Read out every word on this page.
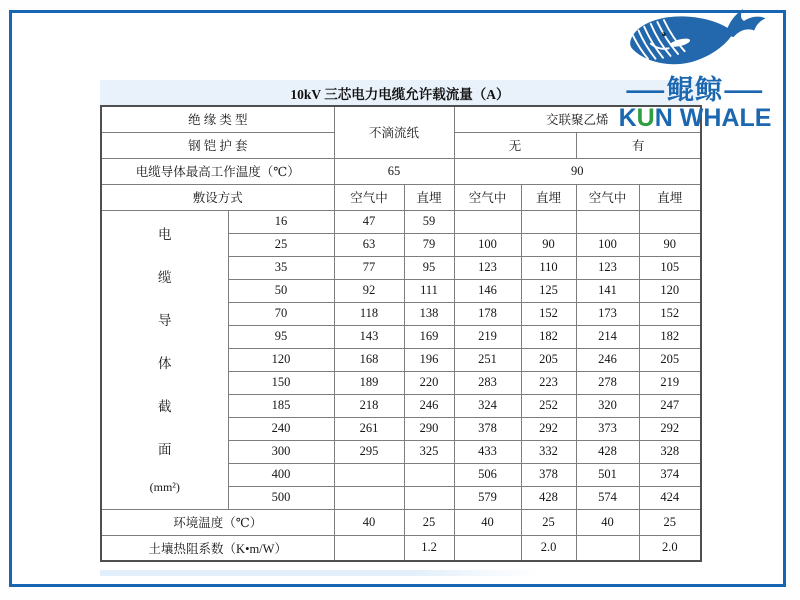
10kV 三芯电力电缆允许载流量（A）
绝 缘 类 型		不滴流纸		交联聚乙烯			
钢 铠 护 套				无		有	
电缆导体最高工作温度（℃）		65		90			
敷设方式		空气中	直埋	空气中	直埋	空气中	直埋

电
缆
导
体
截
面
(mm²)
	16	47	59				
	25	63	79	100	90	100	90
	35	77	95	123	110	123	105
	50	92	111	146	125	141	120
	70	118	138	178	152	173	152
	95	143	169	219	182	214	182
	120	168	196	251	205	246	205
	150	189	220	283	223	278	219
	185	218	246	324	252	320	247
	240	261	290	378	292	373	292
	300	295	325	433	332	428	328
	400			506	378	501	374
	500			579	428	574	424
环境温度（℃）		40	25	40	25	40	25
土壤热阻系数（K•m/W）			1.2		2.0		2.0
— 鲲鲸 —
KUN WHALE
